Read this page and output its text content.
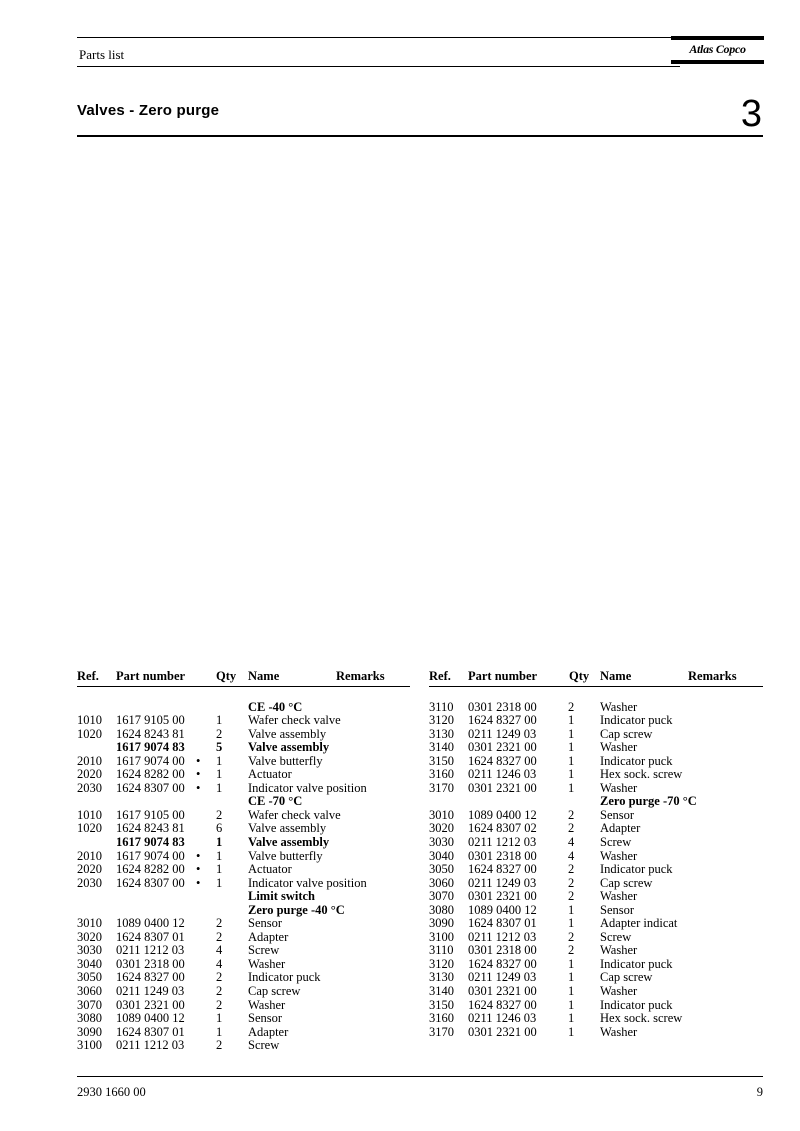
Parts list	Atlas Copco
Valves - Zero purge	3
Ref. Part number Qty Name	Remarks
CE -40 °C
1010 1617 9105 00	1 Wafer check valve
1020 1624 8243 81	2 Valve assembly
1617 9074 83	5 Valve assembly
2010 1617 9074 00 • 1 Valve butterfly
2020 1624 8282 00 • 1 Actuator
2030 1624 8307 00 • 1 Indicator valve position
CE -70 °C
1010 1617 9105 00	2 Wafer check valve
1020 1624 8243 81	6 Valve assembly
1617 9074 83	1 Valve assembly
2010 1617 9074 00 • 1 Valve butterfly
2020 1624 8282 00 • 1 Actuator
2030 1624 8307 00 • 1 Indicator valve position
Limit switch
Zero purge -40 °C
3010 1089 0400 12	2 Sensor
3020 1624 8307 01	2 Adapter
3030 0211 1212 03	4 Screw
3040 0301 2318 00	4 Washer
3050 1624 8327 00	2 Indicator puck
3060 0211 1249 03	2 Cap screw
3070 0301 2321 00	2 Washer
3080 1089 0400 12	1 Sensor
3090 1624 8307 01	1 Adapter
3100 0211 1212 03	2 Screw
Ref. Part number	Qty Name	Remarks
3110 0301 2318 00	2 Washer
3120 1624 8327 00	1 Indicator puck
3130 0211 1249 03	1 Cap screw
3140 0301 2321 00	1 Washer
3150 1624 8327 00	1 Indicator puck
3160 0211 1246 03	1 Hex sock. screw
3170 0301 2321 00	1 Washer
Zero purge -70 °C
3010 1089 0400 12	2 Sensor
3020 1624 8307 02	2 Adapter
3030 0211 1212 03	4 Screw
3040 0301 2318 00	4 Washer
3050 1624 8327 00	2 Indicator puck
3060 0211 1249 03	2 Cap screw
3070 0301 2321 00	2 Washer
3080 1089 0400 12	1 Sensor
3090 1624 8307 01	1 Adapter indicat
3100 0211 1212 03	2 Screw
3110 0301 2318 00	2 Washer
3120 1624 8327 00	1 Indicator puck
3130 0211 1249 03	1 Cap screw
3140 0301 2321 00	1 Washer
3150 1624 8327 00	1 Indicator puck
3160 0211 1246 03	1 Hex sock. screw
3170 0301 2321 00	1 Washer
2930 1660 00	9
